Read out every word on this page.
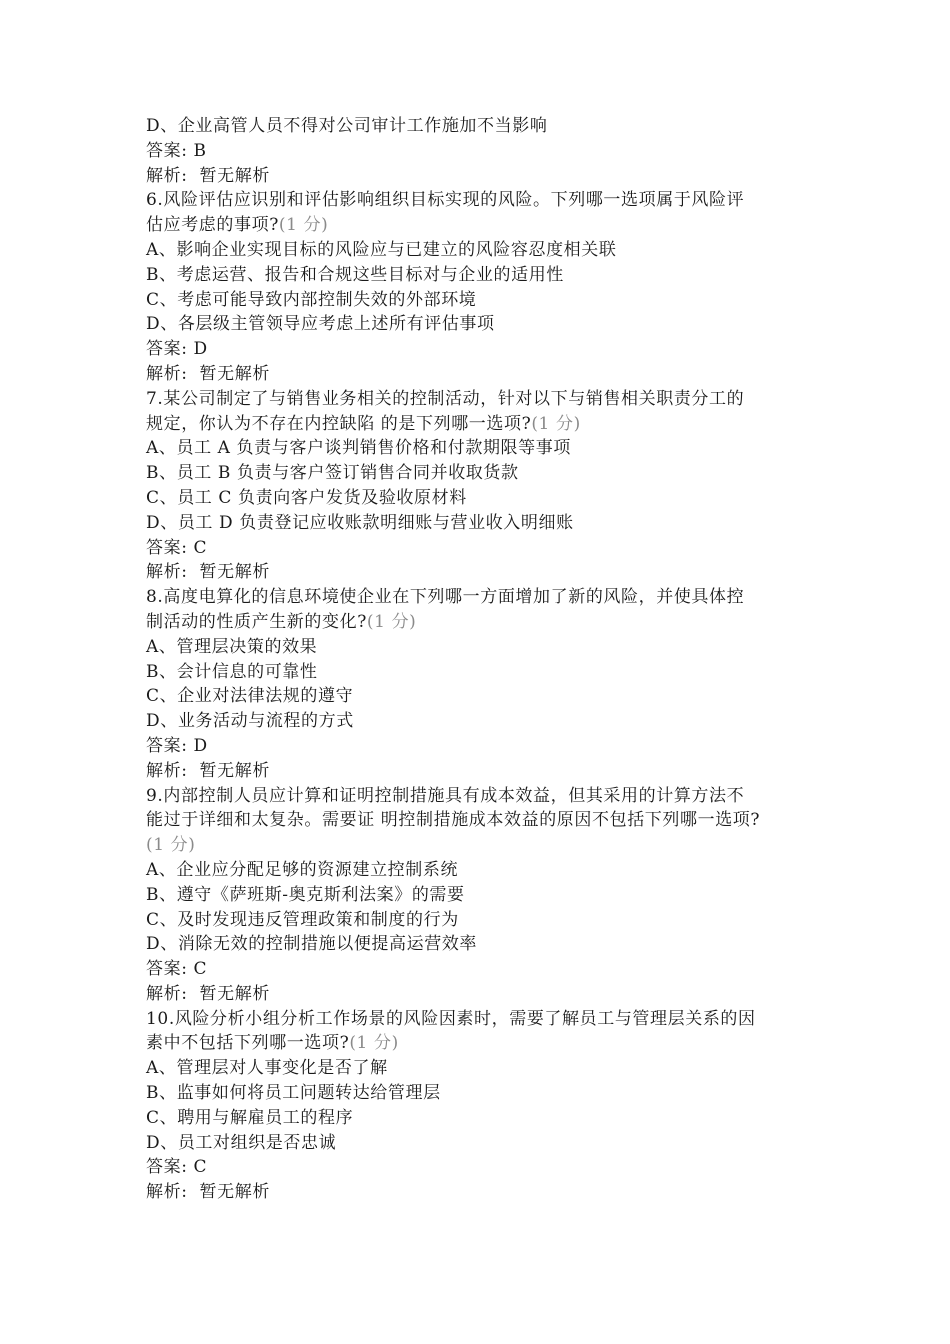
D、企业高管人员不得对公司审计工作施加不当影响
答案: B
解析:  暂无解析
6.风险评估应识别和评估影响组织目标实现的风险。下列哪一选项属于风险评
估应考虑的事项?(1 分)
A、影响企业实现目标的风险应与已建立的风险容忍度相关联
B、考虑运营、报告和合规这些目标对与企业的适用性
C、考虑可能导致内部控制失效的外部环境
D、各层级主管领导应考虑上述所有评估事项
答案: D
解析:  暂无解析
7.某公司制定了与销售业务相关的控制活动，针对以下与销售相关职责分工的
规定，你认为不存在内控缺陷 的是下列哪一选项?(1 分)
A、员工 A 负责与客户谈判销售价格和付款期限等事项
B、员工 B 负责与客户签订销售合同并收取货款
C、员工 C 负责向客户发货及验收原材料
D、员工 D 负责登记应收账款明细账与营业收入明细账
答案: C
解析:  暂无解析
8.高度电算化的信息环境使企业在下列哪一方面增加了新的风险，并使具体控
制活动的性质产生新的变化?(1 分)
A、管理层决策的效果
B、会计信息的可靠性
C、企业对法律法规的遵守
D、业务活动与流程的方式
答案: D
解析:  暂无解析
9.内部控制人员应计算和证明控制措施具有成本效益，但其采用的计算方法不
能过于详细和太复杂。需要证 明控制措施成本效益的原因不包括下列哪一选项?
(1 分)
A、企业应分配足够的资源建立控制系统
B、遵守《萨班斯-奥克斯利法案》的需要
C、及时发现违反管理政策和制度的行为
D、消除无效的控制措施以便提高运营效率
答案: C
解析:  暂无解析
10.风险分析小组分析工作场景的风险因素时，需要了解员工与管理层关系的因
素中不包括下列哪一选项?(1 分)
A、管理层对人事变化是否了解
B、监事如何将员工问题转达给管理层
C、聘用与解雇员工的程序
D、员工对组织是否忠诚
答案: C
解析:  暂无解析
